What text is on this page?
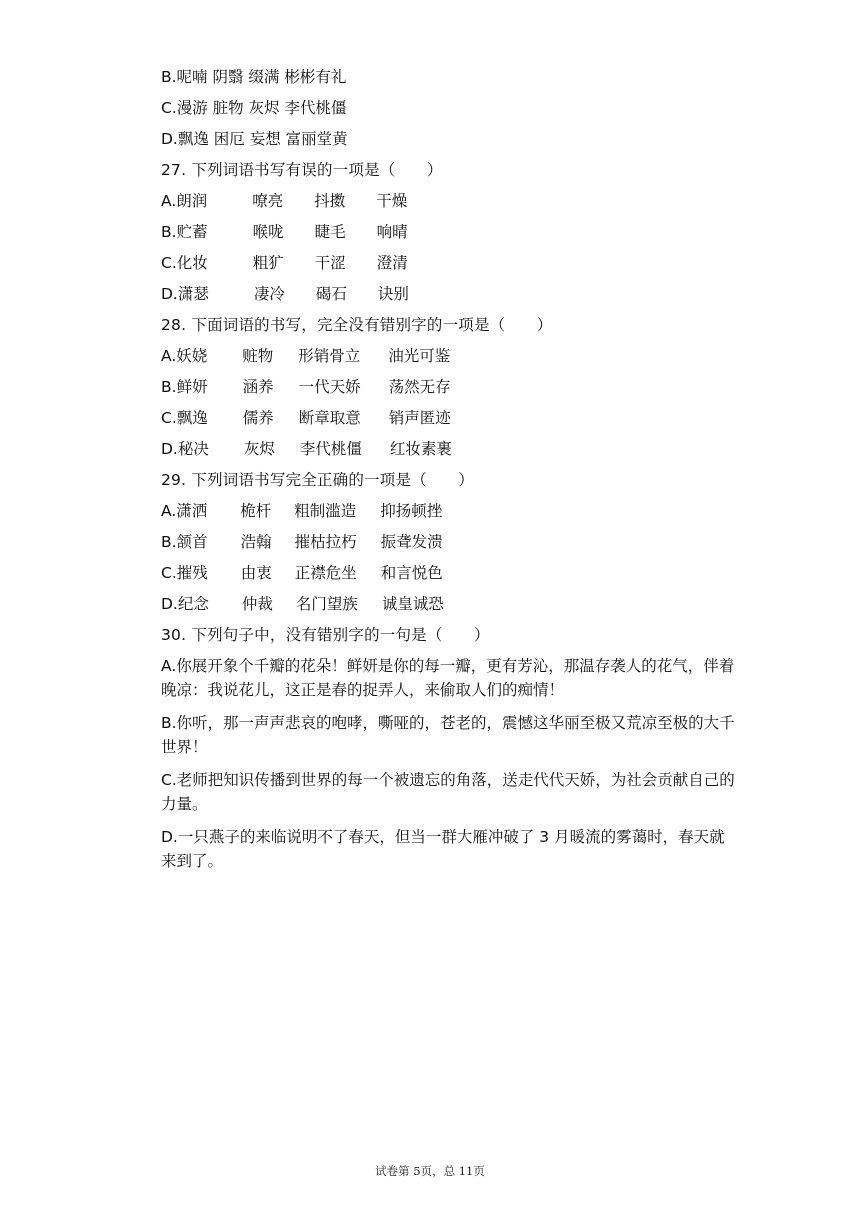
B.呢喃 阴翳 缀满 彬彬有礼
C.漫游 脏物 灰烬 李代桃僵
D.飘逸 困厄 妄想 富丽堂黄
27. 下列词语书写有误的一项是（　　）
A.朗润	嘹亮 抖擞 干燥
B.贮蓄	喉咙 睫毛 响晴
C.化妆	粗犷 干涩 澄清
D.潇瑟	凄冷 碣石 诀别
28. 下面词语的书写，完全没有错别字的一项是（　　）
A.妖娆 赃物 形销骨立 油光可鉴
B.鲜妍 涵养 一代天娇 荡然无存
C.飘逸 儒养 断章取意 销声匿迹
D.秘决 灰烬 李代桃僵 红妆素裹
29. 下列词语书写完全正确的一项是（　　）
A.潇洒 桅杆 粗制滥造 抑扬顿挫
B.颔首 浩翰 摧枯拉朽 振聋发溃
C.摧残 由衷 正襟危坐 和言悦色
D.纪念 仲裁 名门望族 诚皇诚恐
30. 下列句子中，没有错别字的一句是（　　）
A.你展开象个千瓣的花朵！鲜妍是你的每一瓣，更有芳沁，那温存袭人的花气，伴着晚凉：我说花儿，这正是春的捉弄人，来偷取人们的痴情！
B.你听，那一声声悲哀的咆哮，嘶哑的，苍老的，震憾这华丽至极又荒凉至极的大千世界！
C.老师把知识传播到世界的每一个被遗忘的角落，送走代代天娇，为社会贡献自己的力量。
D.一只燕子的来临说明不了春天，但当一群大雁冲破了 3 月暖流的雾蔼时，春天就来到了。
试卷第 5页，总 11页
